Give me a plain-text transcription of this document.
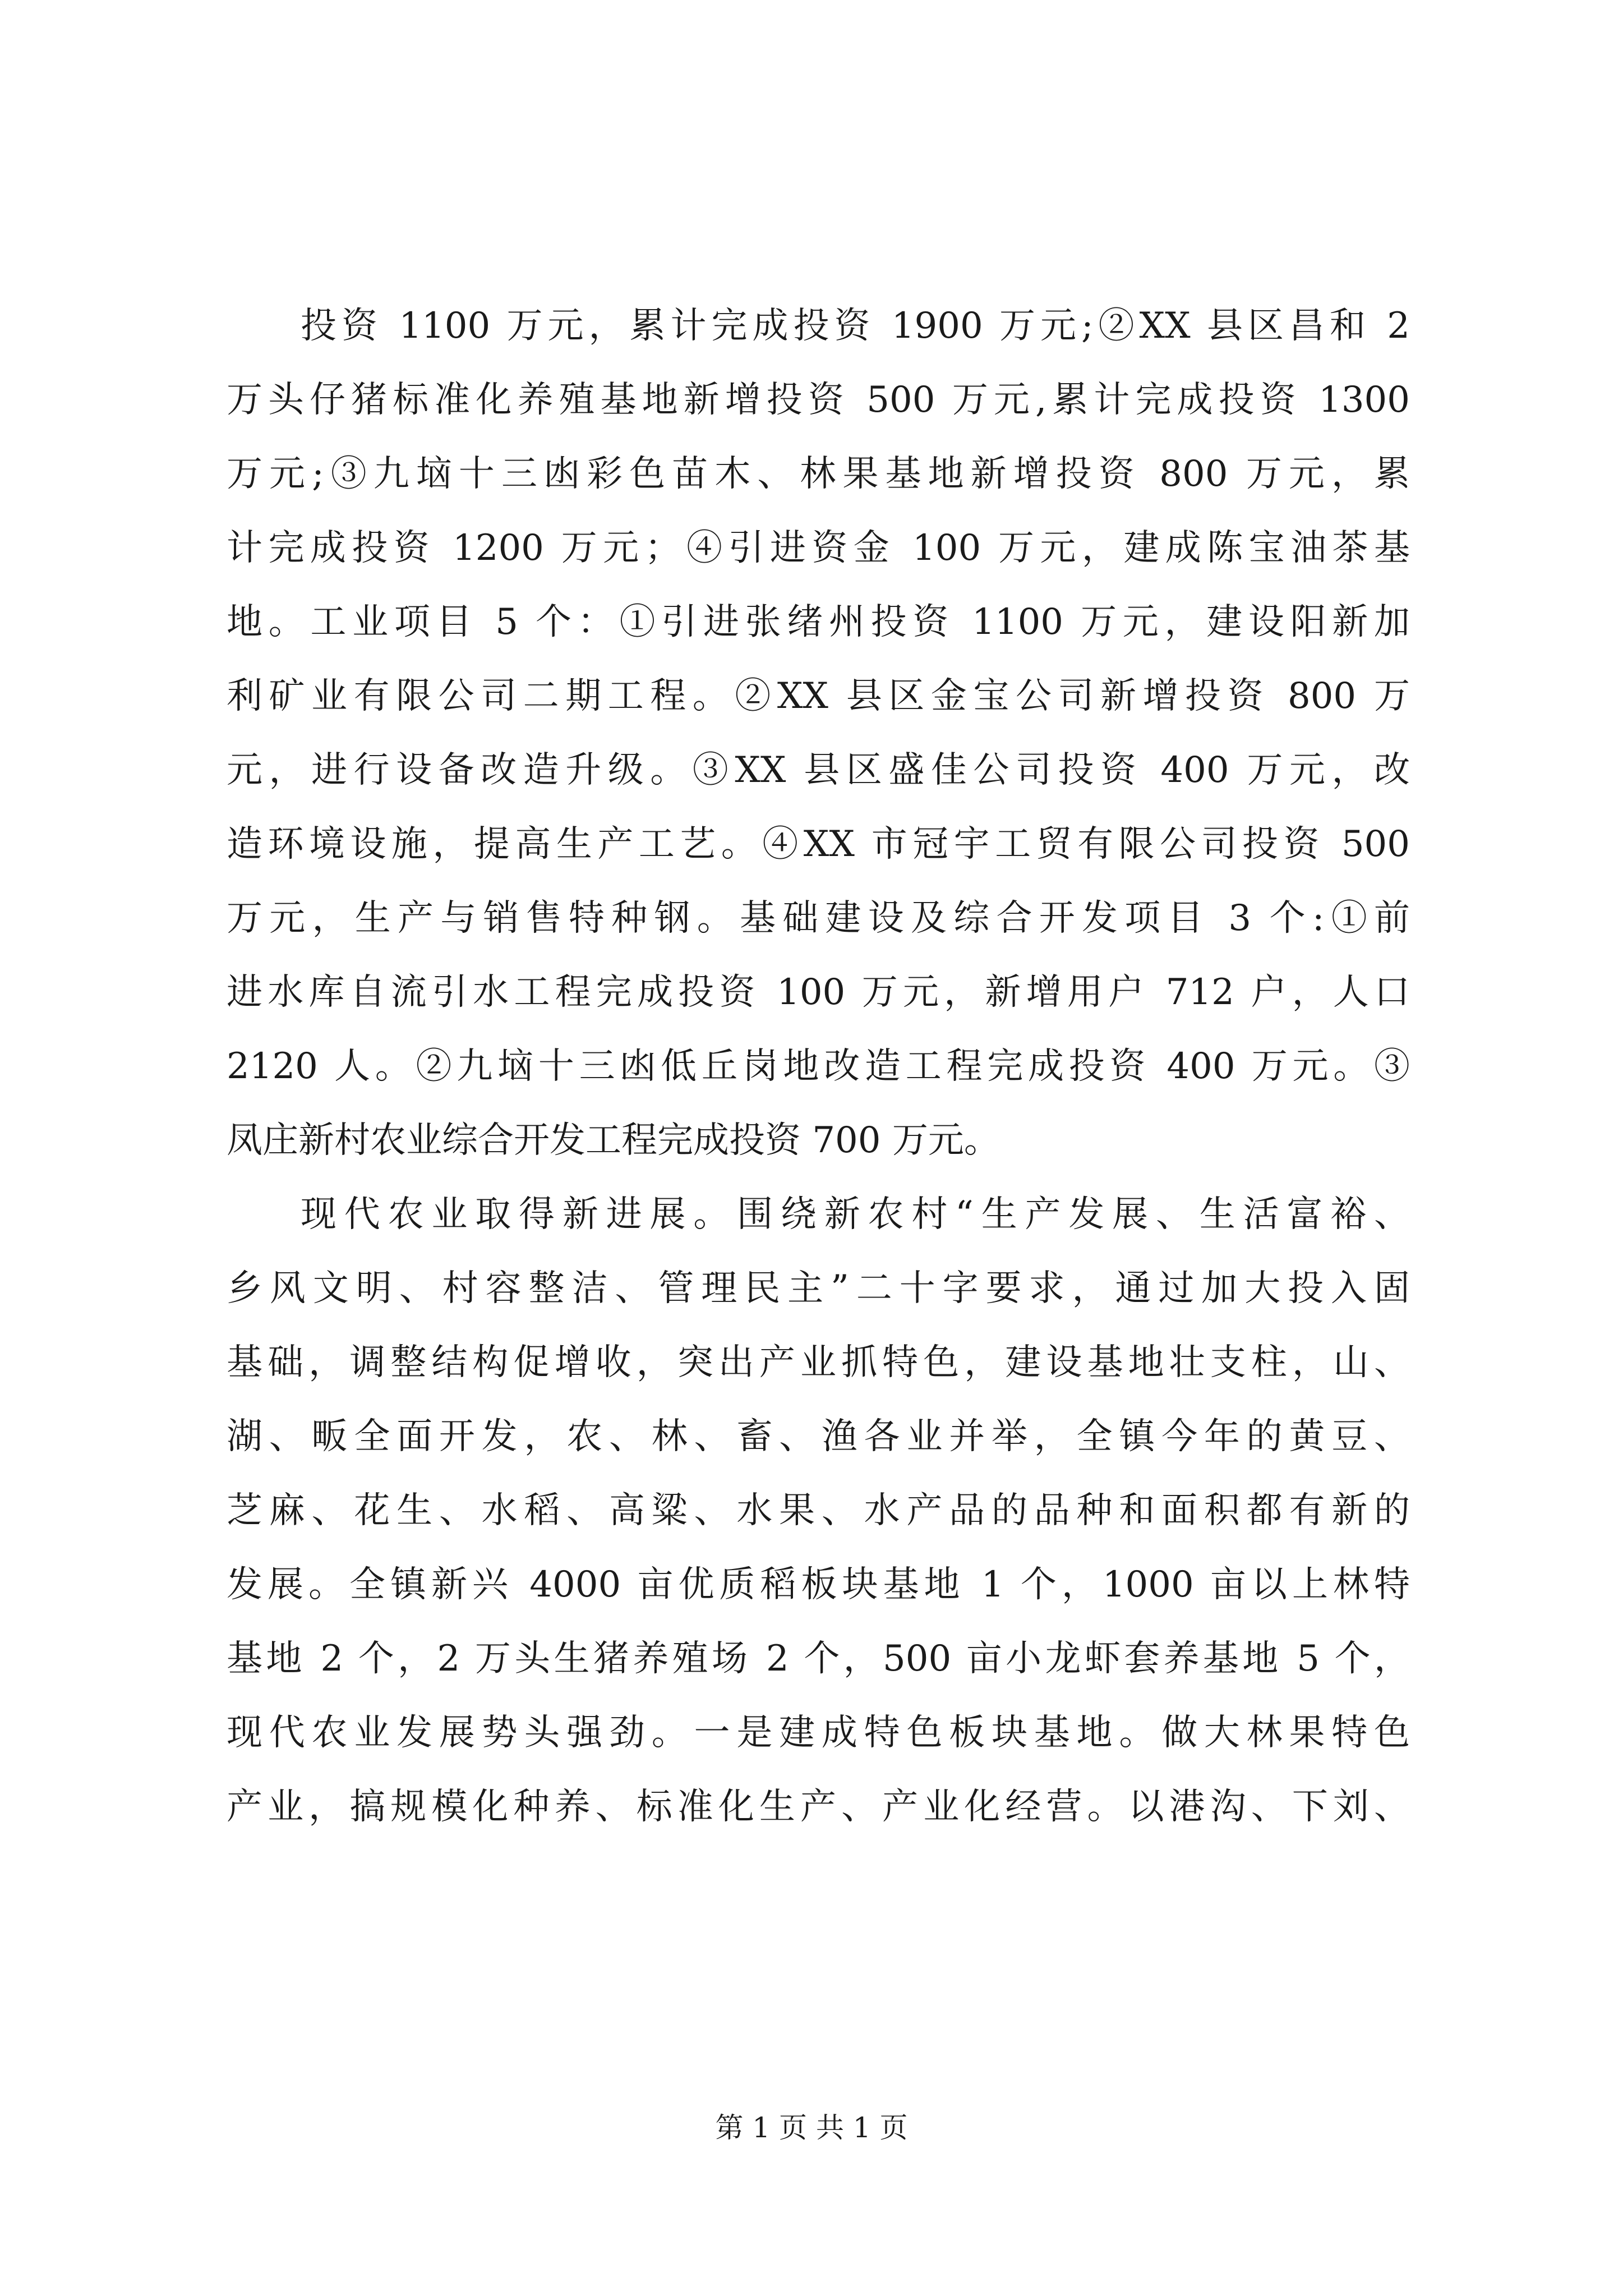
投资 1100 万元，累计完成投资 1900 万元;②XX 县区昌和 2
万头仔猪标准化养殖基地新增投资 500 万元,累计完成投资 1300
万元;③九垴十三凼彩色苗木、林果基地新增投资 800 万元，累
计完成投资 1200 万元；④引进资金 100 万元，建成陈宝油茶基
地。工业项目 5 个：①引进张绪州投资 1100 万元，建设阳新加
利矿业有限公司二期工程。②XX 县区金宝公司新增投资 800 万
元，进行设备改造升级。③XX 县区盛佳公司投资 400 万元，改
造环境设施，提高生产工艺。④XX 市冠宇工贸有限公司投资 500
万元，生产与销售特种钢。基础建设及综合开发项目 3 个:①前
进水库自流引水工程完成投资 100 万元，新增用户 712 户，人口
2120 人。②九垴十三凼低丘岗地改造工程完成投资 400 万元。③
凤庄新村农业综合开发工程完成投资 700 万元。
现代农业取得新进展。围绕新农村“生产发展、生活富裕、
乡风文明、村容整洁、管理民主”二十字要求，通过加大投入固
基础，调整结构促增收，突出产业抓特色，建设基地壮支柱，山、
湖、畈全面开发，农、林、畜、渔各业并举，全镇今年的黄豆、
芝麻、花生、水稻、高粱、水果、水产品的品种和面积都有新的
发展。全镇新兴 4000 亩优质稻板块基地 1 个，1000 亩以上林特
基地 2 个，2 万头生猪养殖场 2 个，500 亩小龙虾套养基地 5 个，
现代农业发展势头强劲。一是建成特色板块基地。做大林果特色
产业，搞规模化种养、标准化生产、产业化经营。以港沟、下刘、
第 1 页 共 1 页
